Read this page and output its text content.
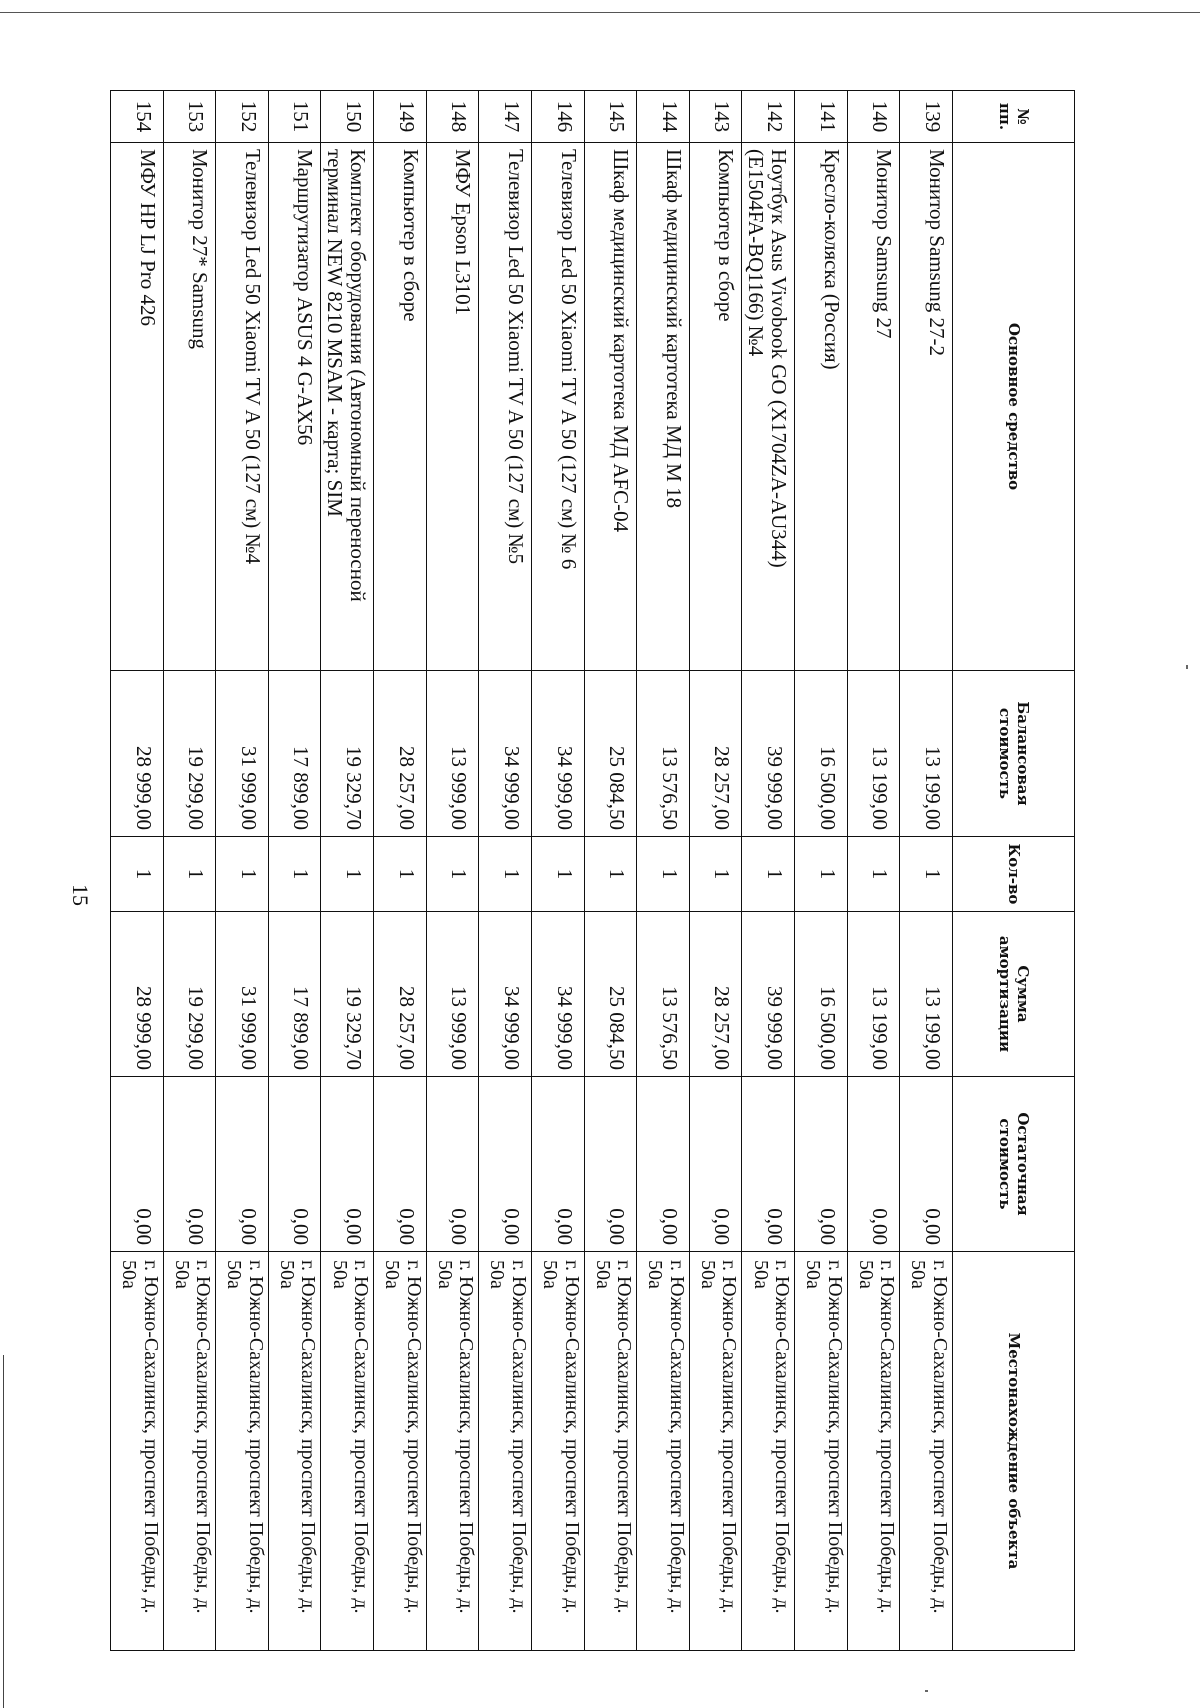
№ пп.	Основное средство	Балансовая стоимость	Кол-во	Сумма амортизации	Остаточная стоимость	Местонахождение объекта
139	Монитор Samsung 27-2	13 199,00	1	13 199,00	0,00	г. Южно-Сахалинск, проспект Победы, д. 50а
140	Монитор Samsung 27	13 199,00	1	13 199,00	0,00	г. Южно-Сахалинск, проспект Победы, д. 50а
141	Кресло-коляска (Россия)	16 500,00	1	16 500,00	0,00	г. Южно-Сахалинск, проспект Победы, д. 50а
142	Ноутбук Asus Vivobook GO (X1704ZA-AU344) (E1504FA-BQ1166) №4	39 999,00	1	39 999,00	0,00	г. Южно-Сахалинск, проспект Победы, д. 50а
143	Компьютер в сборе	28 257,00	1	28 257,00	0,00	г. Южно-Сахалинск, проспект Победы, д. 50а
144	Шкаф медицинский картотека МД М 18	13 576,50	1	13 576,50	0,00	г. Южно-Сахалинск, проспект Победы, д. 50а
145	Шкаф медицинский картотека МД AFC-04	25 084,50	1	25 084,50	0,00	г. Южно-Сахалинск, проспект Победы, д. 50а
146	Телевизор Led 50 Xiaomi TV A 50 (127 см) № 6	34 999,00	1	34 999,00	0,00	г. Южно-Сахалинск, проспект Победы, д. 50а
147	Телевизор Led 50 Xiaomi TV A 50 (127 см) №5	34 999,00	1	34 999,00	0,00	г. Южно-Сахалинск, проспект Победы, д. 50а
148	МФУ Epson L3101	13 999,00	1	13 999,00	0,00	г. Южно-Сахалинск, проспект Победы, д. 50а
149	Компьютер в сборе	28 257,00	1	28 257,00	0,00	г. Южно-Сахалинск, проспект Победы, д. 50а
150	Комплект оборудования (Автономный переносной терминал NEW 8210 MSAM - карта; SIM	19 329,70	1	19 329,70	0,00	г. Южно-Сахалинск, проспект Победы, д. 50а
151	Маршрутизатор ASUS 4 G-AX56	17 899,00	1	17 899,00	0,00	г. Южно-Сахалинск, проспект Победы, д. 50а
152	Телевизор Led 50 Xiaomi TV A 50 (127 см) №4	31 999,00	1	31 999,00	0,00	г. Южно-Сахалинск, проспект Победы, д. 50а
153	Монитор 27* Samsung	19 299,00	1	19 299,00	0,00	г. Южно-Сахалинск, проспект Победы, д. 50а
154	МФУ HP LJ Pro 426	28 999,00	1	28 999,00	0,00	г. Южно-Сахалинск, проспект Победы, д. 50а
15
